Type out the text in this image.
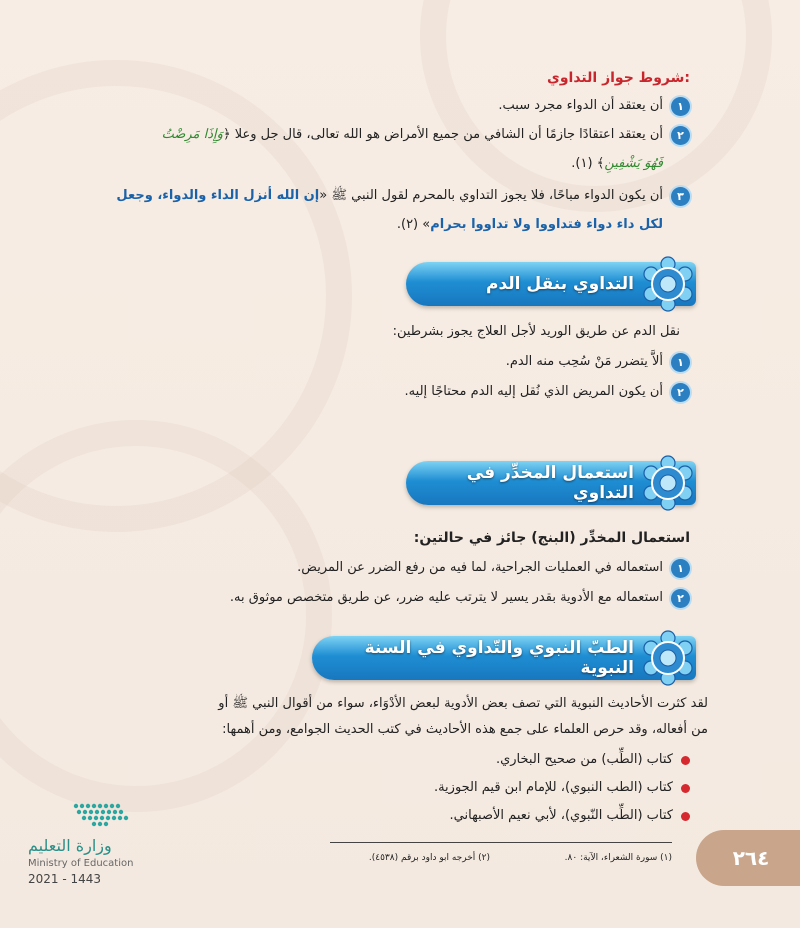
شروط جواز التداوي:
١
أن يعتقد أن الدواء مجرد سبب.
٢
أن يعتقد اعتقادًا جازمًا أن الشافي من جميع الأمراض هو الله تعالى، قال جل وعلا ﴿وَإِذَا مَرِضْتُ
فَهُوَ يَشْفِينِ﴾ (١).
٣
أن يكون الدواء مباحًا، فلا يجوز التداوي بالمحرم لقول النبي ﷺ «إن الله أنزل الداء والدواء، وجعل
لكل داء دواء فتداووا ولا تداووا بحرام» (٢).
التداوي بنقل الدم
نقل الدم عن طريق الوريد لأجل العلاج يجوز بشرطين:
١
ألاَّ يتضرر مَنْ سُحِب منه الدم.
٢
أن يكون المريض الذي نُقل إليه الدم محتاجًا إليه.
استعمال المخدِّر في التداوي
استعمال المخدِّر (البنج) جائز في حالتين:
١
استعماله في العمليات الجراحية، لما فيه من رفع الضرر عن المريض.
٢
استعماله مع الأدوية بقدر يسير لا يترتب عليه ضرر، عن طريق متخصص موثوق به.
الطبّ النبوي والتّداوي في السنة النبوية
لقد كثرت الأحاديث النبوية التي تصف بعض الأدوية لبعض الأدْوَاء، سواء من أقوال النبي ﷺ أو
من أفعاله، وقد حرص العلماء على جمع هذه الأحاديث في كتب الحديث الجوامع، ومن أهمها:
كتاب (الطِّب) من صحيح البخاري.
كتاب (الطب النبوي)، للإمام ابن قيم الجوزية.
كتاب (الطِّب النّبوي)، لأبي نعيم الأصبهاني.
(١) سورة الشعراء، الآية: ٨٠.
(٢) أخرجه ابو داود برقم (٤٥٣٨).	٢٦٤
وزارة التعليم
Ministry of Education
2021 - 1443
